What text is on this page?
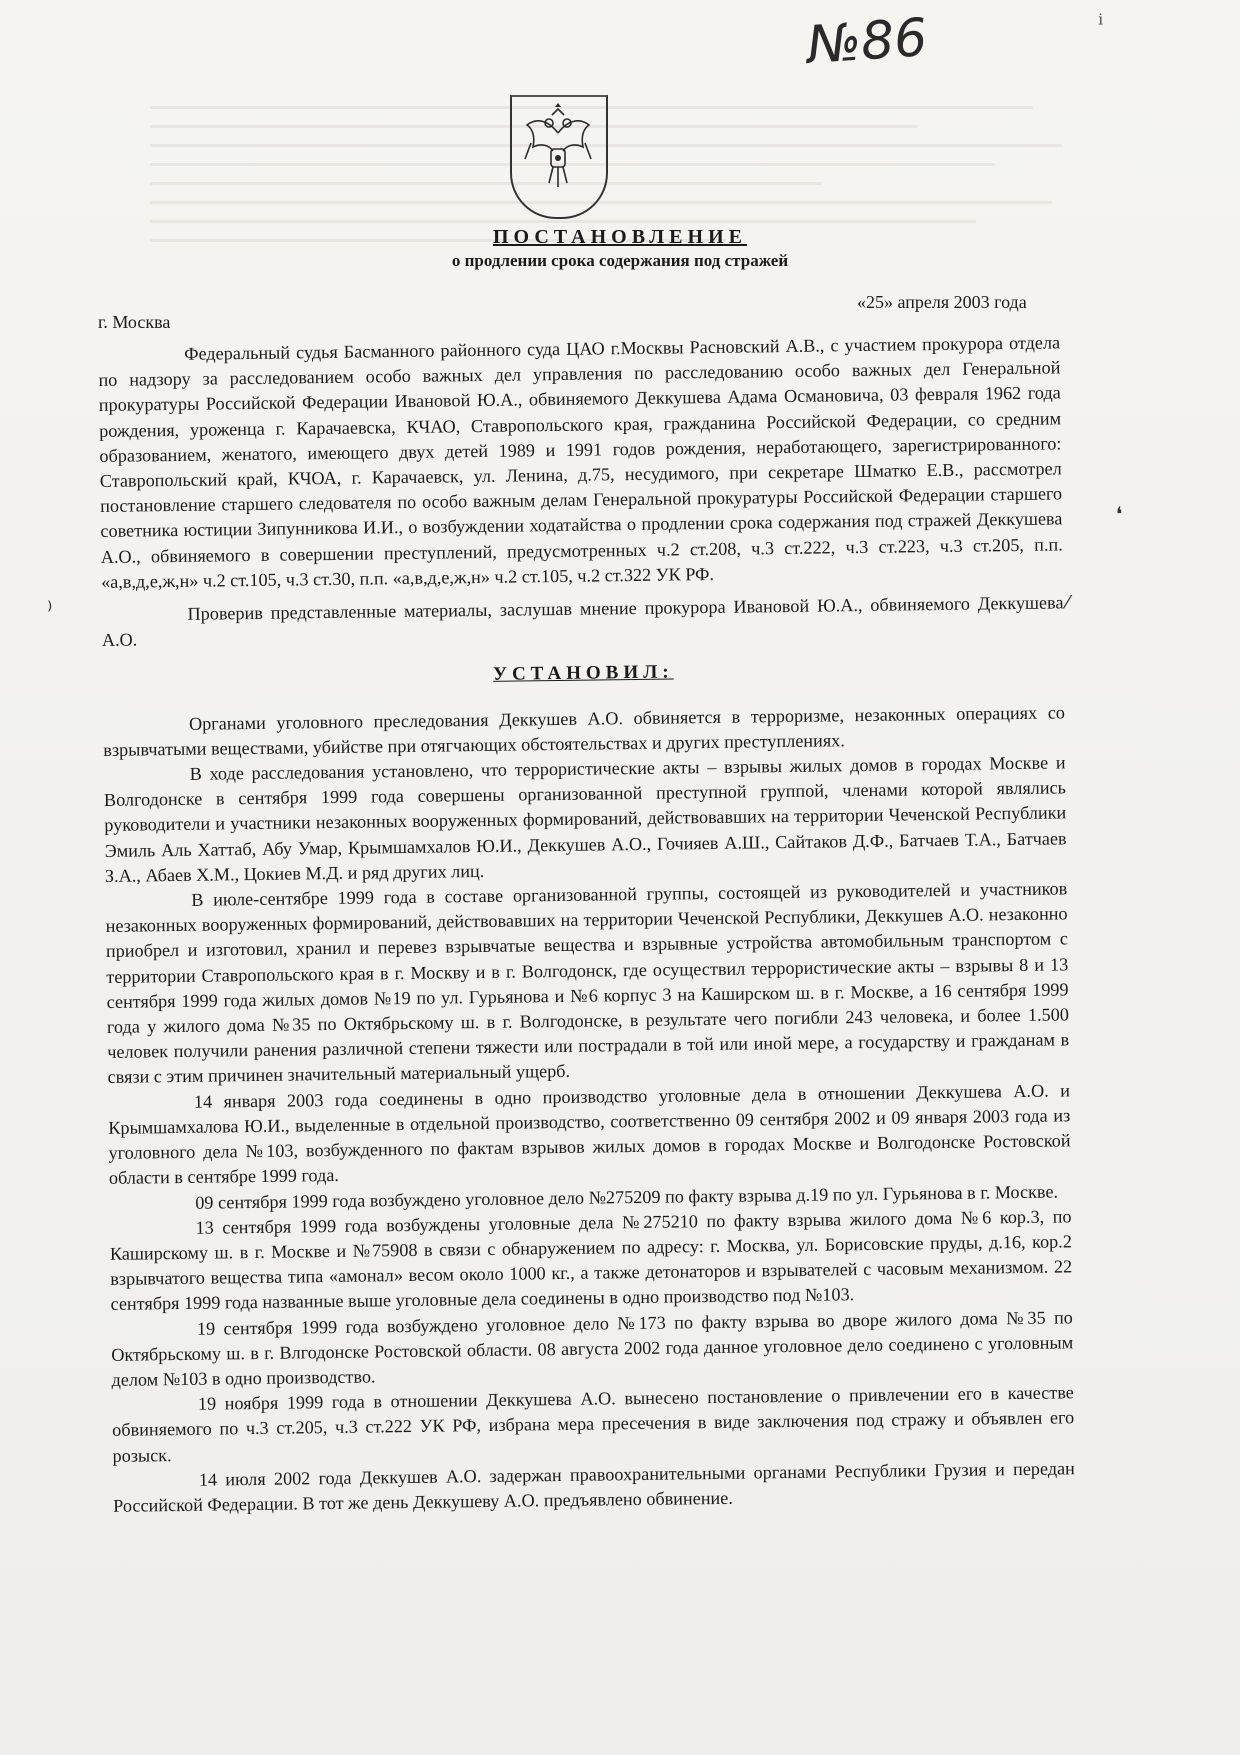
№86	ⁱ
ПОСТАНОВЛЕНИЕ
о продлении срока содержания под стражей
«25» апреля 2003 года
г. Москва

Федеральный судья Басманного районного суда ЦАО г.Москвы Расновский А.В., с участием прокурора отдела по надзору за расследованием особо важных дел управления по расследованию особо важных дел Генеральной прокуратуры Российской Федерации Ивановой Ю.А., обвиняемого Деккушева Адама Османовича, 03 февраля 1962 года рождения, уроженца г. Карачаевска, КЧАО, Ставропольского края, гражданина Российской Федерации, со средним образованием, женатого, имеющего двух детей 1989 и 1991 годов рождения, неработающего, зарегистрированного: Ставропольский край, КЧОА, г. Карачаевск, ул. Ленина, д.75, несудимого, при секретаре Шматко Е.В., рассмотрел постановление старшего следователя по особо важным делам Генеральной прокуратуры Российской Федерации старшего советника юстиции Зипунникова И.И., о возбуждении ходатайства о продлении срока содержания под стражей Деккушева А.О., обвиняемого в совершении преступлений, предусмотренных ч.2 ст.208, ч.3 ст.222, ч.3 ст.223, ч.3 ст.205, п.п. «а,в,д,е,ж,н» ч.2 ст.105, ч.3 ст.30, п.п. «а,в,д,е,ж,н» ч.2 ст.105, ч.2 ст.322 УК РФ.

Проверив представленные материалы, заслушав мнение прокурора Ивановой Ю.А., обвиняемого Деккушева А.О.

УСТАНОВИЛ:

Органами уголовного преследования Деккушев А.О. обвиняется в терроризме, незаконных операциях со взрывчатыми веществами, убийстве при отягчающих обстоятельствах и других преступлениях.

В ходе расследования установлено, что террористические акты – взрывы жилых домов в городах Москве и Волгодонске в сентября 1999 года совершены организованной преступной группой, членами которой являлись руководители и участники незаконных вооруженных формирований, действовавших на территории Чеченской Республики Эмиль Аль Хаттаб, Абу Умар, Крымшамхалов Ю.И., Деккушев А.О., Гочияев А.Ш., Сайтаков Д.Ф., Батчаев Т.А., Батчаев З.А., Абаев Х.М., Цокиев М.Д. и ряд других лиц.

В июле-сентябре 1999 года в составе организованной группы, состоящей из руководителей и участников незаконных вооруженных формирований, действовавших на территории Чеченской Республики, Деккушев А.О. незаконно приобрел и изготовил, хранил и перевез взрывчатые вещества и взрывные устройства автомобильным транспортом с территории Ставропольского края в г. Москву и в г. Волгодонск, где осуществил террористические акты – взрывы 8 и 13 сентября 1999 года жилых домов №19 по ул. Гурьянова и №6 корпус 3 на Каширском ш. в г. Москве, а 16 сентября 1999 года у жилого дома №35 по Октябрьскому ш. в г. Волгодонске, в результате чего погибли 243 человека, и более 1.500 человек получили ранения различной степени тяжести или пострадали в той или иной мере, а государству и гражданам в связи с этим причинен значительный материальный ущерб.

14 января 2003 года соединены в одно производство уголовные дела в отношении Деккушева А.О. и Крымшамхалова Ю.И., выделенные в отдельной производство, соответственно 09 сентября 2002 и 09 января 2003 года из уголовного дела №103, возбужденного по фактам взрывов жилых домов в городах Москве и Волгодонске Ростовской области в сентябре 1999 года.

09 сентября 1999 года возбуждено уголовное дело №275209 по факту взрыва д.19 по ул. Гурьянова в г. Москве.

13 сентября 1999 года возбуждены уголовные дела №275210 по факту взрыва жилого дома №6 кор.3, по Каширскому ш. в г. Москве и №75908 в связи с обнаружением по адресу: г. Москва, ул. Борисовские пруды, д.16, кор.2 взрывчатого вещества типа «амонал» весом около 1000 кг., а также детонаторов и взрывателей с часовым механизмом. 22 сентября 1999 года названные выше уголовные дела соединены в одно производство под №103.

19 сентября 1999 года возбуждено уголовное дело №173 по факту взрыва во дворе жилого дома №35 по Октябрьскому ш. в г. Влгодонске Ростовской области. 08 августа 2002 года данное уголовное дело соединено с уголовным делом №103 в одно производство.

19 ноября 1999 года в отношении Деккушева А.О. вынесено постановление о привлечении его в качестве обвиняемого по ч.3 ст.205, ч.3 ст.222 УК РФ, избрана мера пресечения в виде заключения под стражу и объявлен его розыск.

14 июля 2002 года Деккушев А.О. задержан правоохранительными органами Республики Грузия и передан Российской Федерации. В тот же день Деккушеву А.О. предъявлено обвинение.

⁾
❛
⁄
